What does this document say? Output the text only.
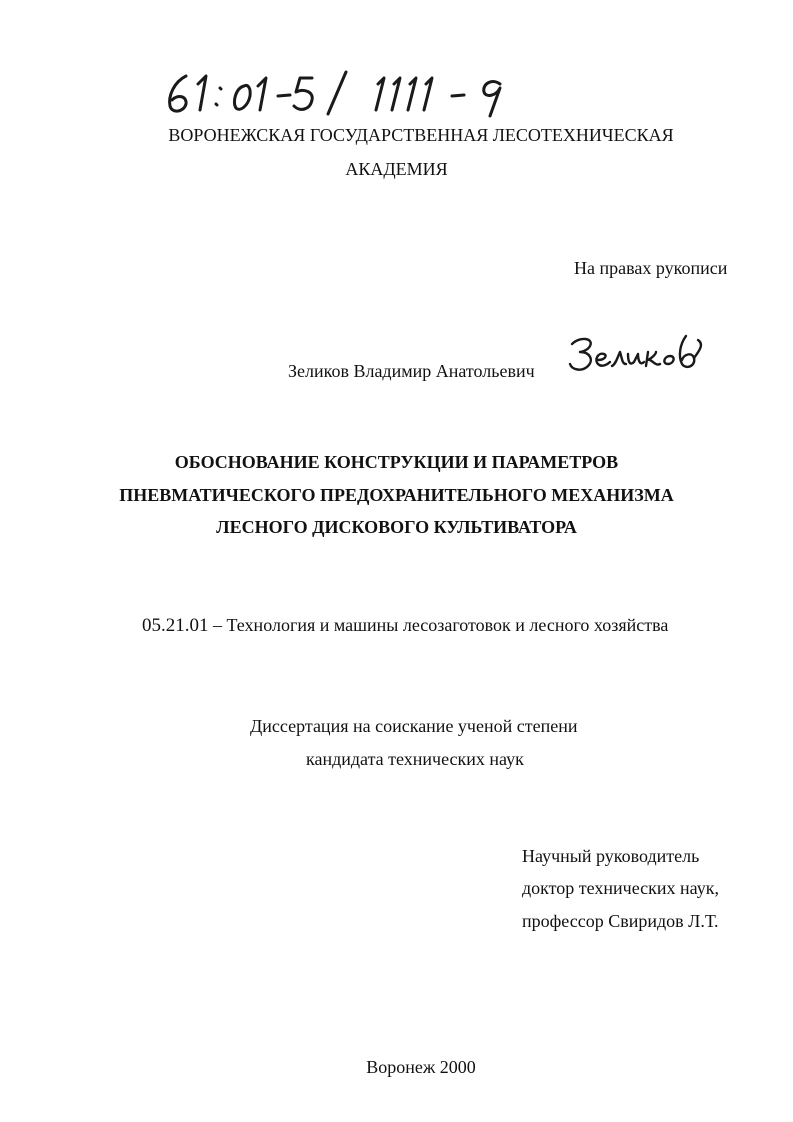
ВОРОНЕЖСКАЯ ГОСУДАРСТВЕННАЯ ЛЕСОТЕХНИЧЕСКАЯ
АКАДЕМИЯ
На правах рукописи
Зеликов Владимир Анатольевич
ОБОСНОВАНИЕ КОНСТРУКЦИИ И ПАРАМЕТРОВ
ПНЕВМАТИЧЕСКОГО ПРЕДОХРАНИТЕЛЬНОГО МЕХАНИЗМА
ЛЕСНОГО ДИСКОВОГО КУЛЬТИВАТОРА
05.21.01 – Технология и машины лесозаготовок и лесного хозяйства
Диссертация на соискание ученой степени
кандидата технических наук
Научный руководитель
доктор технических наук,
профессор Свиридов Л.Т.
Воронеж 2000
